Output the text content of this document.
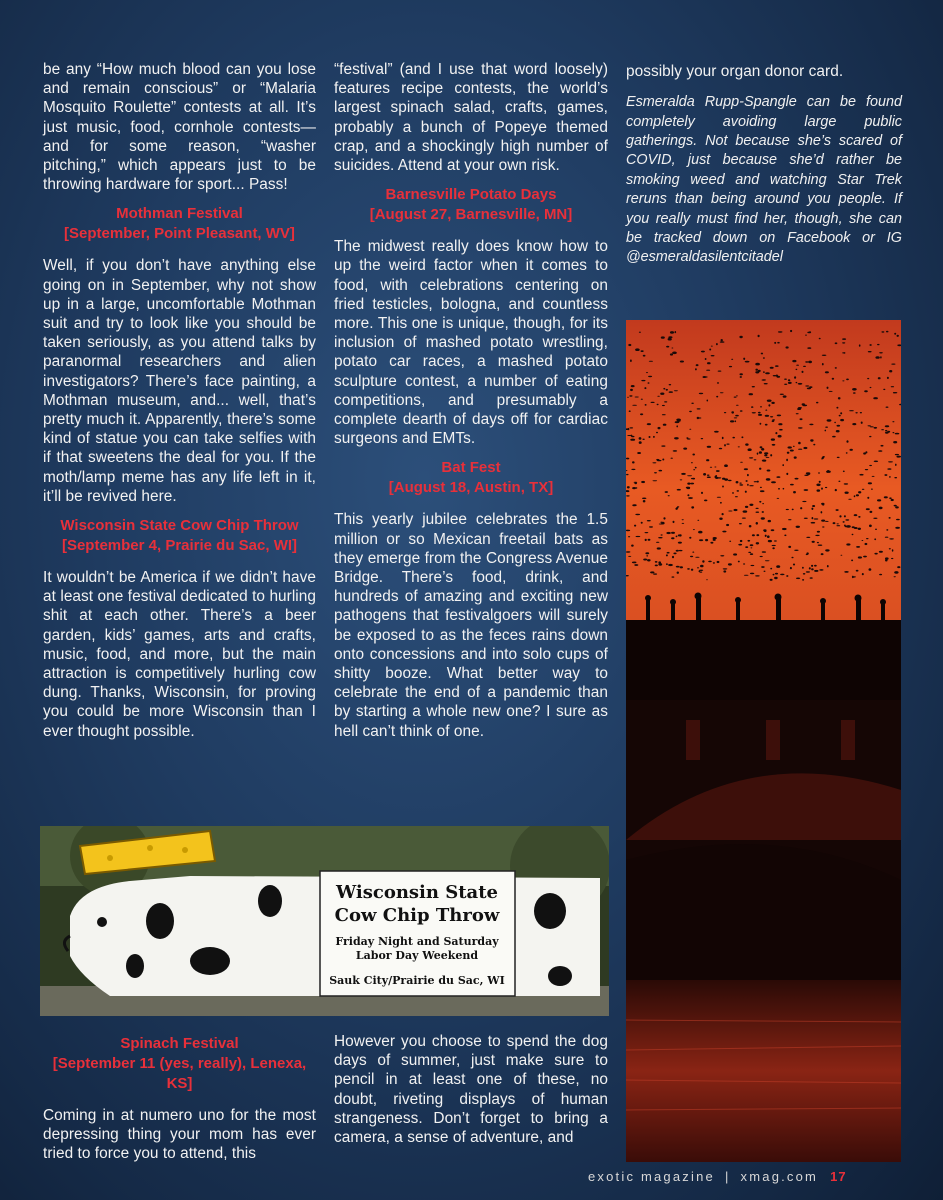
be any “How much blood can you lose and remain conscious” or “Malaria Mosquito Roulette” contests at all. It’s just music, food, cornhole contests—and for some reason, “washer pitching,” which appears just to be throwing hardware for sport... Pass!

Mothman Festival
[September, Point Pleasant, WV]

Well, if you don’t have anything else going on in September, why not show up in a large, uncomfortable Mothman suit and try to look like you should be taken seriously, as you attend talks by paranormal researchers and alien investigators? There’s face painting, a Mothman museum, and... well, that’s pretty much it. Apparently, there’s some kind of statue you can take selfies with if that sweetens the deal for you. If the moth/lamp meme has any life left in it, it’ll be revived here.

Wisconsin State Cow Chip Throw
[September 4, Prairie du Sac, WI]

It wouldn’t be America if we didn’t have at least one festival dedicated to hurling shit at each other. There’s a beer garden, kids’ games, arts and crafts, music, food, and more, but the main attraction is competitively hurling cow dung. Thanks, Wisconsin, for proving you could be more Wisconsin than I ever thought possible.

“festival” (and I use that word loosely) features recipe contests, the world’s largest spinach salad, crafts, games, probably a bunch of Popeye themed crap, and a shockingly high number of suicides. Attend at your own risk.

Barnesville Potato Days
[August 27, Barnesville, MN]

The midwest really does know how to up the weird factor when it comes to food, with celebrations centering on fried testicles, bologna, and countless more. This one is unique, though, for its inclusion of mashed potato wrestling, potato car races, a mashed potato sculpture contest, a number of eating competitions, and presumably a complete dearth of days off for cardiac surgeons and EMTs.

Bat Fest
[August 18, Austin, TX]

This yearly jubilee celebrates the 1.5 million or so Mexican freetail bats as they emerge from the Congress Avenue Bridge. There’s food, drink, and hundreds of amazing and exciting new pathogens that festivalgoers will surely be exposed to as the feces rains down onto concessions and into solo cups of shitty booze. What better way to celebrate the end of a pandemic than by starting a whole new one? I sure as hell can’t think of one.

possibly your organ donor card.

Esmeralda Rupp-Spangle can be found completely avoiding large public gatherings. Not because she’s scared of COVID, just because she’d rather be smoking weed and watching Star Trek reruns than being around you people. If you really must find her, though, she can be tracked down on Facebook or IG @esmeraldasilentcitadel

Wisconsin State
Cow Chip Throw
Friday Night and Saturday
Labor Day Weekend
Sauk City/Prairie du Sac, WI
Spinach Festival
[September 11 (yes, really), Lenexa, KS]

Coming in at numero uno for the most depressing thing your mom has ever tried to force you to attend, this

However you choose to spend the dog days of summer, just make sure to pencil in at least one of these, no doubt, riveting displays of human strangeness. Don’t forget to bring a camera, a sense of adventure, and

exotic magazine | xmag.com 17
